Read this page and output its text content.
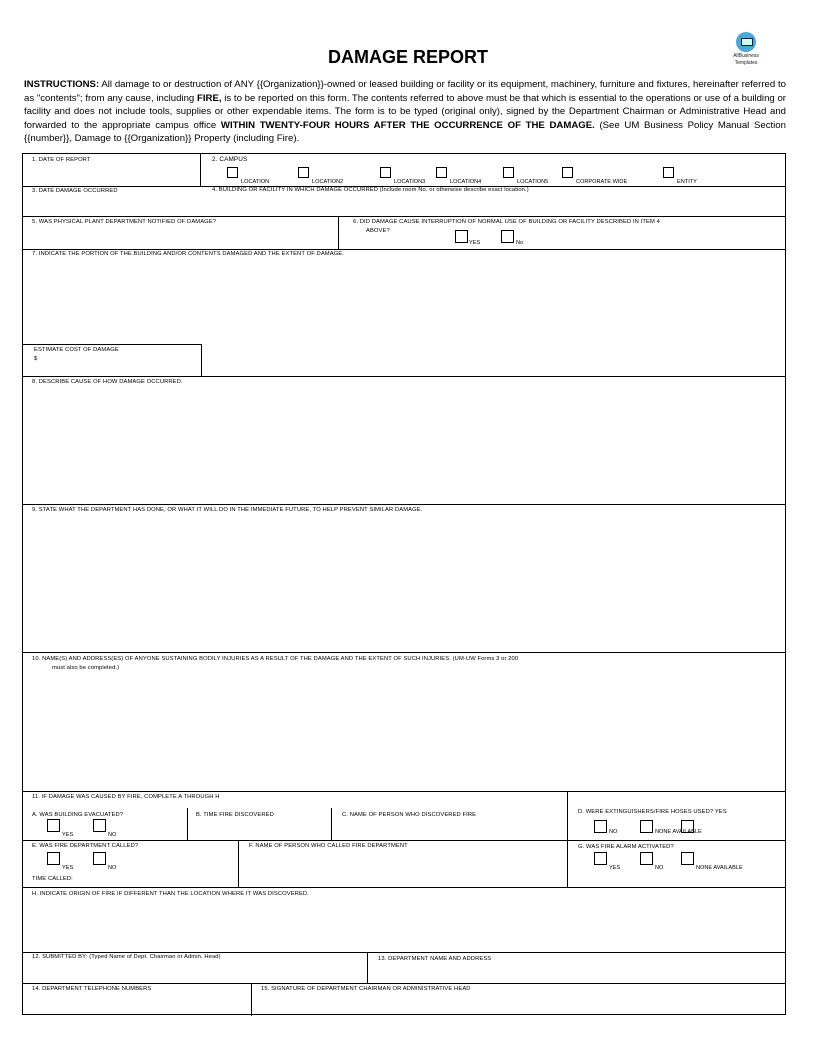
DAMAGE REPORT	AllBusiness
Templates
INSTRUCTIONS: All damage to or destruction of ANY {{Organization}}-owned or leased building or facility or its equipment, machinery, furniture and fixtures, hereinafter referred to as "contents"; from any cause, including FIRE, is to be reported on this form. The contents referred to above must be that which is essential to the operations or use of a building or facility and does not include tools, supplies or other expendable items. The form is to be typed (original only), signed by the Department Chairman or Administrative Head and forwarded to the appropriate campus office WITHIN TWENTY-FOUR HOURS AFTER THE OCCURRENCE OF THE DAMAGE. (See UM Business Policy Manual Section {{number}}, Damage to {{Organization}} Property (including Fire).
1. DATE OF REPORT	2. CAMPUS
LOCATION	LOCATION2	LOCATION3	LOCATION4	LOCATION5	CORPORATE WIDE	ENTITY
3. DATE DAMAGE OCCURRED	4. BUILDING OR FACILITY IN WHICH DAMAGE OCCURRED (Include room No. or otherwise describe exact location.)
5. WAS PHYSICAL PLANT DEPARTMENT NOTIFIED OF DAMAGE?	6. DID DAMAGE CAUSE INTERRUPTION OF NORMAL USE OF BUILDING OR FACILITY DESCRIBED IN ITEM 4
ABOVE?
YES	No
7. INDICATE THE PORTION OF THE BUILDING AND/OR CONTENTS DAMAGED AND THE EXTENT OF DAMAGE.
ESTIMATE COST OF DAMAGE
$
8. DESCRIBE CAUSE OF HOW DAMAGE OCCURRED.
9. STATE WHAT THE DEPARTMENT HAS DONE, OR WHAT IT WILL DO IN THE IMMEDIATE FUTURE, TO HELP PREVENT SIMILAR DAMAGE.
10. NAME(S) AND ADDRESS(ES) OF ANYONE SUSTAINING BODILY INJURIES AS A RESULT OF THE DAMAGE AND THE EXTENT OF SUCH INJURIES. (UM-UW Forms 3 or 200
must also be completed.)
11. IF DAMAGE WAS CAUSED BY FIRE, COMPLETE A THROUGH H
A. WAS BUILDING EVACUATED?
YES	NO
B. TIME FIRE DISCOVERED	C. NAME OF PERSON WHO DISCOVERED FIRE	D. WERE EXTINGUISHERS/FIRE HOSES USED? YES
NO	NONE AVAILABLE
E. WAS FIRE DEPARTMENT CALLED?
YES	NO
TIME CALLED:
F. NAME OF PERSON WHO CALLED FIRE DEPARTMENT	G. WAS FIRE ALARM ACTIVATED?
YES	NO	NONE AVAILABLE
H. INDICATE ORIGIN OF FIRE IF DIFFERENT THAN THE LOCATION WHERE IT WAS DISCOVERED.
12. SUBMITTED BY: (Typed Name of Dept. Chairman or Admin. Head)	13. DEPARTMENT NAME AND ADDRESS
14. DEPARTMENT TELEPHONE NUMBERS	15. SIGNATURE OF DEPARTMENT CHAIRMAN OR ADMINISTRATIVE HEAD
